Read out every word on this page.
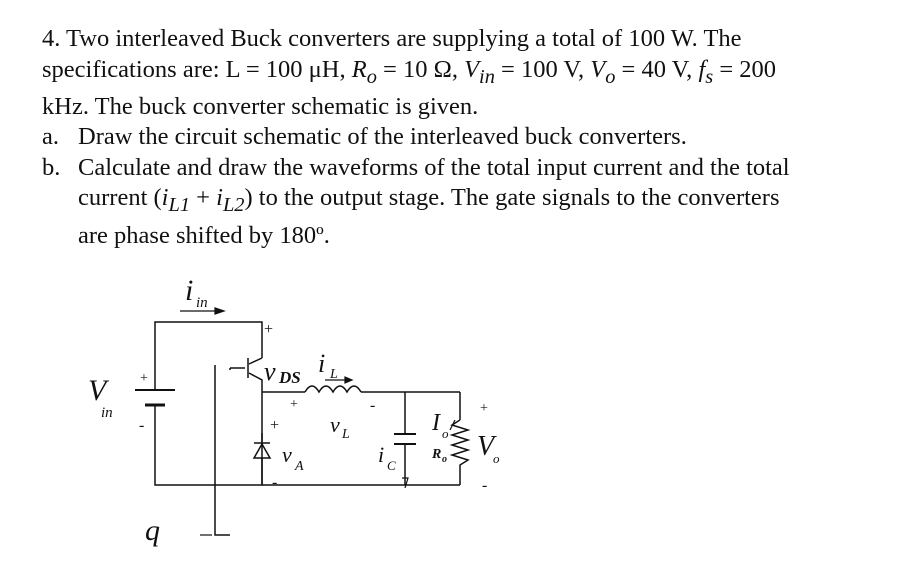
4. Two interleaved Buck converters are supplying a total of 100 W. The
specifications are: L = 100 μH, $R_o = 10$ Ω, $V_{in} = 100$ V, $V_o = 40$ V, $f_s = 200$
kHz. The buck converter schematic is given.
a. Draw the circuit schematic of the interleaved buck converters.
b. Calculate and draw the waveforms of the total input current and the total
current $(i_{L1} + i_{L2})$ to the output stage. The gate signals to the converters
are phase shifted by 180º.
i in
V
in
+
-
+
v DS
-
i L
+
v L
-
+
v A
-
i C
I o
R o
+
V
o
-
q
